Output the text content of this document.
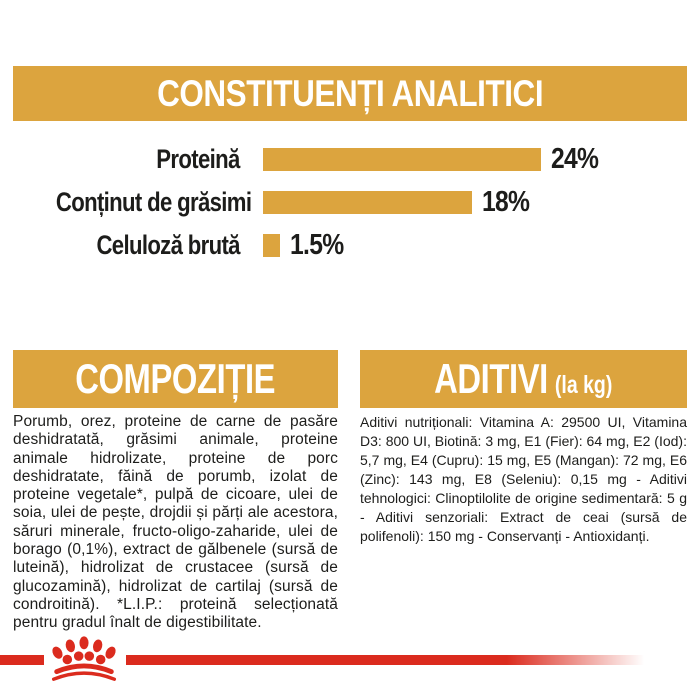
CONSTITUENȚI ANALITICI
Proteină	24%
Conținut de grăsimi	18%
Celuloză brută 1.5%
COMPOZIȚIE

Porumb, orez, proteine de carne de pasăre deshidratată, grăsimi animale, proteine animale hidrolizate, proteine de porc deshidratate, făină de porumb, izolat de proteine vegetale*, pulpă de cicoare, ulei de soia, ulei de pește, drojdii și părți ale acestora, săruri minerale, fructo-oligo-zaharide, ulei de borago (0,1%), extract de gălbenele (sursă de luteină), hidrolizat de crustacee (sursă de glucozamină), hidrolizat de cartilaj (sursă de condroitină). *L.I.P.: proteină selecționată pentru gradul înalt de digestibilitate.

ADITIVI (la kg)

Aditivi nutriționali: Vitamina A: 29500 UI, Vitamina D3: 800 UI, Biotină: 3 mg, E1 (Fier): 64 mg, E2 (Iod): 5,7 mg, E4 (Cupru): 15 mg, E5 (Mangan): 72 mg, E6 (Zinc): 143 mg, E8 (Seleniu): 0,15 mg - Aditivi tehnologici: Clinoptilolite de origine sedimentară: 5 g - Aditivi senzoriali: Extract de ceai (sursă de polifenoli): 150 mg - Conservanți - Antioxidanți.
